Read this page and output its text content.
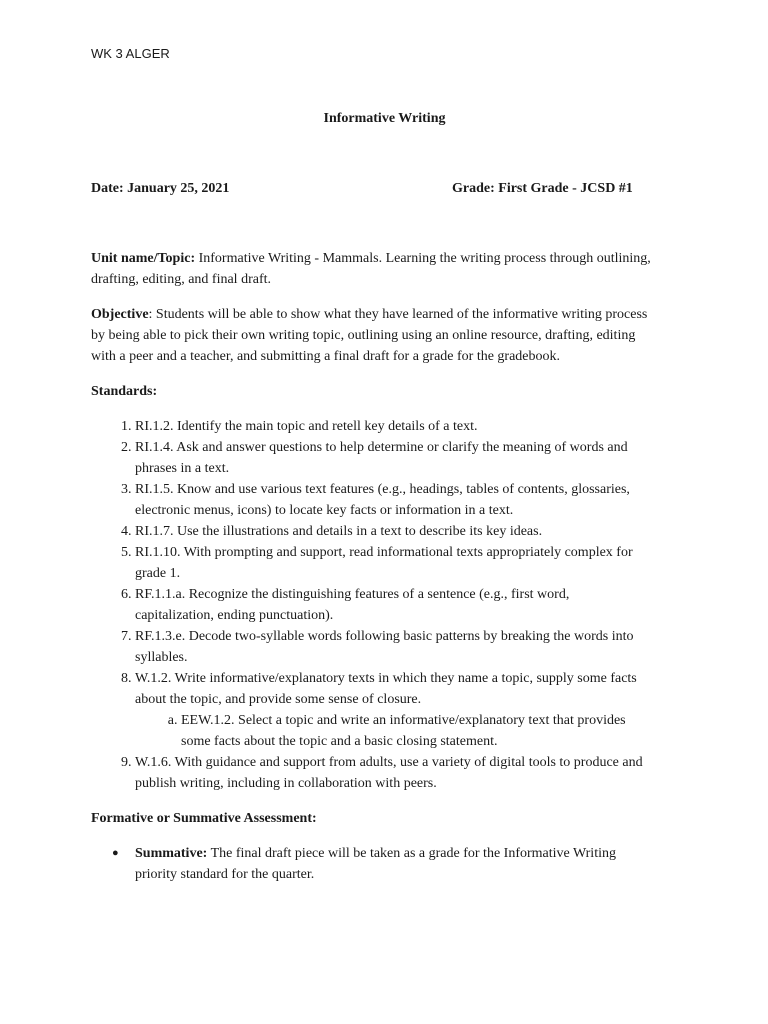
WK 3 ALGER
Informative Writing
Date: January 25, 2021	Grade: First Grade - JCSD #1

Unit name/Topic: Informative Writing - Mammals. Learning the writing process through outlining, drafting, editing, and final draft.

Objective: Students will be able to show what they have learned of the informative writing process by being able to pick their own writing topic, outlining using an online resource, drafting, editing with a peer and a teacher, and submitting a final draft for a grade for the gradebook.

Standards:
1. RI.1.2. Identify the main topic and retell key details of a text.
2. RI.1.4. Ask and answer questions to help determine or clarify the meaning of words and phrases in a text.
3. RI.1.5. Know and use various text features (e.g., headings, tables of contents, glossaries, electronic menus, icons) to locate key facts or information in a text.
4. RI.1.7. Use the illustrations and details in a text to describe its key ideas.
5. RI.1.10. With prompting and support, read informational texts appropriately complex for grade 1.
6. RF.1.1.a. Recognize the distinguishing features of a sentence (e.g., first word, capitalization, ending punctuation).
7. RF.1.3.e. Decode two-syllable words following basic patterns by breaking the words into syllables.
8. W.1.2. Write informative/explanatory texts in which they name a topic, supply some facts about the topic, and provide some sense of closure.
a. EEW.1.2. Select a topic and write an informative/explanatory text that provides some facts about the topic and a basic closing statement.
9. W.1.6. With guidance and support from adults, use a variety of digital tools to produce and publish writing, including in collaboration with peers.
Formative or Summative Assessment:
● Summative: The final draft piece will be taken as a grade for the Informative Writing priority standard for the quarter.
